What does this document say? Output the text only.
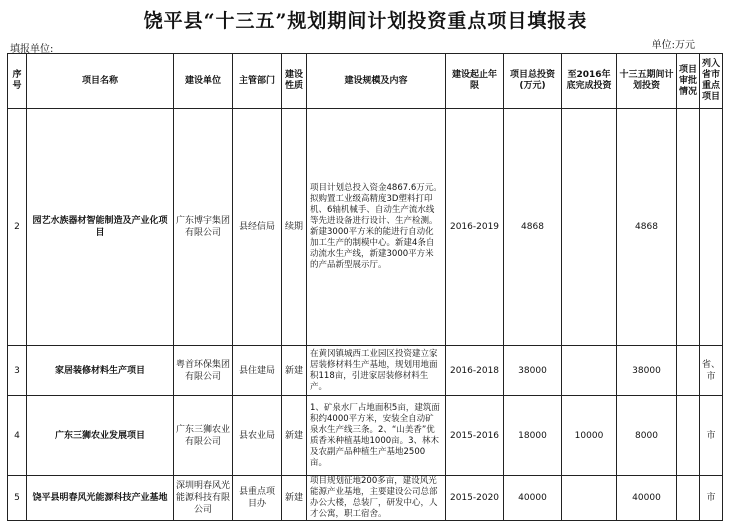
饶平县“十三五”规划期间计划投资重点项目填报表
填报单位:	单位:万元
序号	项目名称	建设单位	主管部门	建设性质	建设规模及内容	建设起止年限	项目总投资(万元)	至2016年底完成投资	十三五期间计划投资	项目审批情况	列入省市重点项目
2	园艺水族器材智能制造及产业化项目	广东博宇集团有限公司	县经信局	续期	项目计划总投入资金4867.6万元。拟购置工业级高精度3D塑料打印机、6轴机械手、自动生产流水线等先进设备进行设计、生产检测。新建3000平方米的能进行自动化加工生产的制模中心。新建4条自动流水生产线，新建3000平方米的产品新型展示厅。	2016-2019	4868		4868		
3	家居装修材料生产项目	粤首环保集团有限公司	县住建局	新建	在黄冈镇城西工业园区投资建立家居装修材料生产基地，规划用地面积118亩，引进家居装修材料生产。	2016-2018	38000		38000		省、市
4	广东三狮农业发展项目	广东三狮农业有限公司	县农业局	新建	1、矿泉水厂占地面积5亩，建筑面积约4000平方米，安装全自动矿泉水生产线三条。2、“山美香”优质香米种植基地1000亩。3、林木及农副产品种植生产基地2500亩。	2015-2016	18000	10000	8000		市
5	饶平县明春风光能源科技产业基地	深圳明春风光能源科技有限公司	县重点项目办	新建	项目规划征地200多亩，建设风光能源产业基地，主要建设公司总部办公大楼，总装厂，研发中心，人才公寓，职工宿舍。	2015-2020	40000		40000		市
